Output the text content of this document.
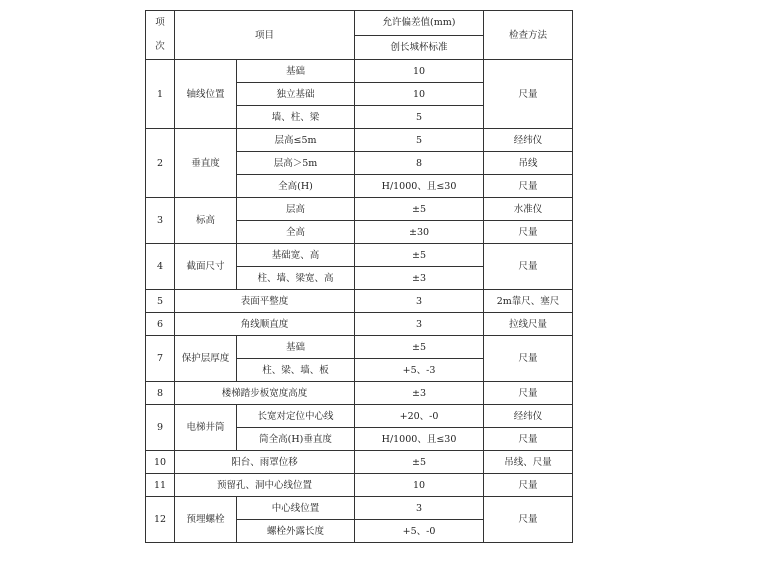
项
次	项目		允许偏差值(mm)	检查方法
			创长城杯标准	
1	轴线位置	基础	10	尺量
		独立基础	10	
		墙、柱、梁	5	
2	垂直度	层高≤5m	5	经纬仪
		层高＞5m	8	吊线
		全高(H)	H/1000、且≤30	尺量
3	标高	层高	±5	水准仪
		全高	±30	尺量
4	截面尺寸	基础宽、高	±5	尺量
		柱、墙、梁宽、高	±3	
5	表面平整度		3	2m靠尺、塞尺
6	角线顺直度		3	拉线尺量
7	保护层厚度	基础	±5	尺量
		柱、梁、墙、板	+5、-3	
8	楼梯踏步板宽度高度		±3	尺量
9	电梯井筒	长宽对定位中心线	+20、-0	经纬仪
		筒全高(H)垂直度	H/1000、且≤30	尺量
10	阳台、雨罩位移		±5	吊线、尺量
11	预留孔、洞中心线位置		10	尺量
12	预埋螺栓	中心线位置	3	尺量
		螺栓外露长度	+5、-0	
